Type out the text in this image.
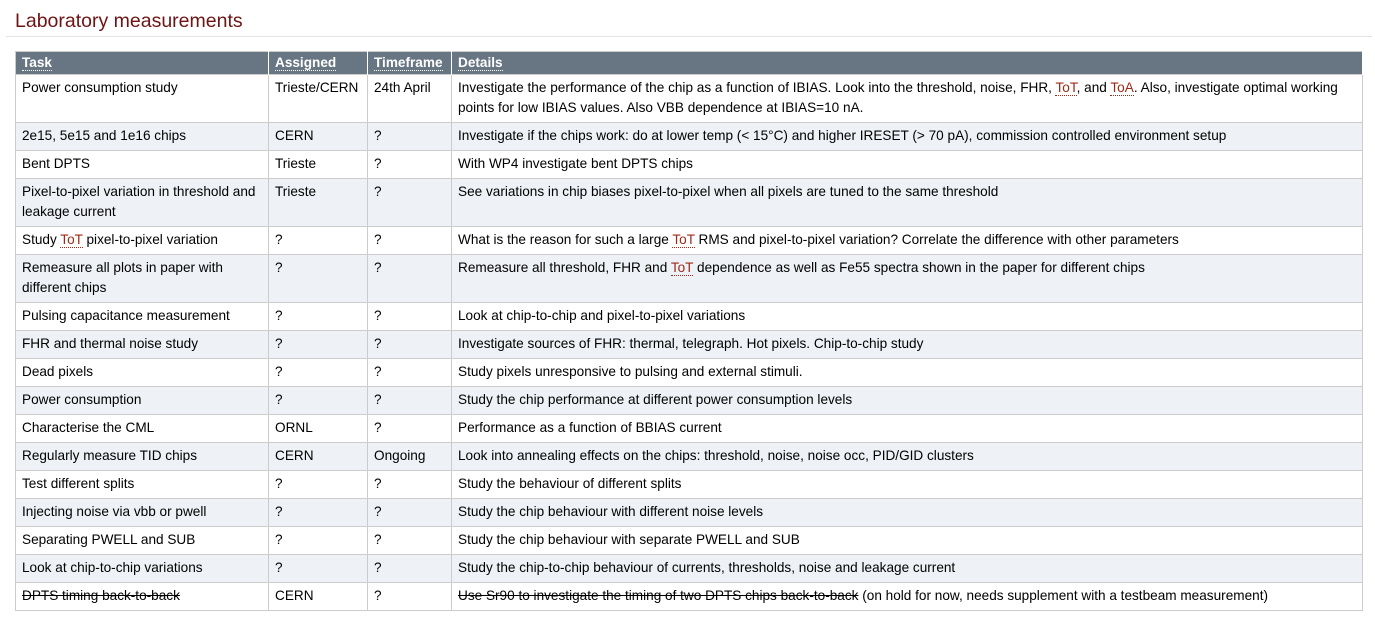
Laboratory measurements
Task	Assigned	Timeframe	Details
Power consumption study	Trieste/CERN	24th April	Investigate the performance of the chip as a function of IBIAS. Look into the threshold, noise, FHR, ToT, and ToA. Also, investigate optimal working points for low IBIAS values. Also VBB dependence at IBIAS=10 nA.
2e15, 5e15 and 1e16 chips	CERN	?	Investigate if the chips work: do at lower temp (< 15°C) and higher IRESET (> 70 pA), commission controlled environment setup
Bent DPTS	Trieste	?	With WP4 investigate bent DPTS chips
Pixel-to-pixel variation in threshold and leakage current	Trieste	?	See variations in chip biases pixel-to-pixel when all pixels are tuned to the same threshold
Study ToT pixel-to-pixel variation	?	?	What is the reason for such a large ToT RMS and pixel-to-pixel variation? Correlate the difference with other parameters
Remeasure all plots in paper with different chips	?	?	Remeasure all threshold, FHR and ToT dependence as well as Fe55 spectra shown in the paper for different chips
Pulsing capacitance measurement	?	?	Look at chip-to-chip and pixel-to-pixel variations
FHR and thermal noise study	?	?	Investigate sources of FHR: thermal, telegraph. Hot pixels. Chip-to-chip study
Dead pixels	?	?	Study pixels unresponsive to pulsing and external stimuli.
Power consumption	?	?	Study the chip performance at different power consumption levels
Characterise the CML	ORNL	?	Performance as a function of BBIAS current
Regularly measure TID chips	CERN	Ongoing	Look into annealing effects on the chips: threshold, noise, noise occ, PID/GID clusters
Test different splits	?	?	Study the behaviour of different splits
Injecting noise via vbb or pwell	?	?	Study the chip behaviour with different noise levels
Separating PWELL and SUB	?	?	Study the chip behaviour with separate PWELL and SUB
Look at chip-to-chip variations	?	?	Study the chip-to-chip behaviour of currents, thresholds, noise and leakage current
DPTS timing back-to-back	CERN	?	Use Sr90 to investigate the timing of two DPTS chips back-to-back (on hold for now, needs supplement with a testbeam measurement)
